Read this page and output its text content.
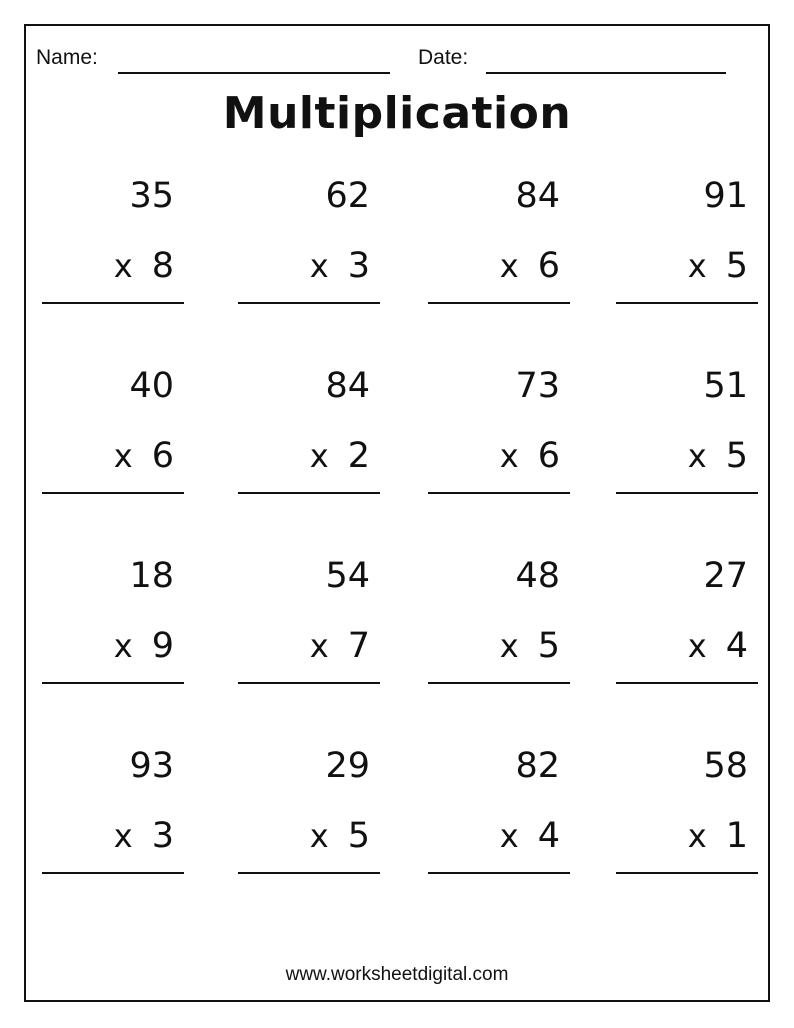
Name:	Date:
Multiplication
35
x 8
62
x 3
84
x 6
91
x 5
40
x 6
84
x 2
73
x 6
51
x 5
18
x 9
54
x 7
48
x 5
27
x 4
93
x 3
29
x 5
82
x 4
58
x 1
www.worksheetdigital.com
